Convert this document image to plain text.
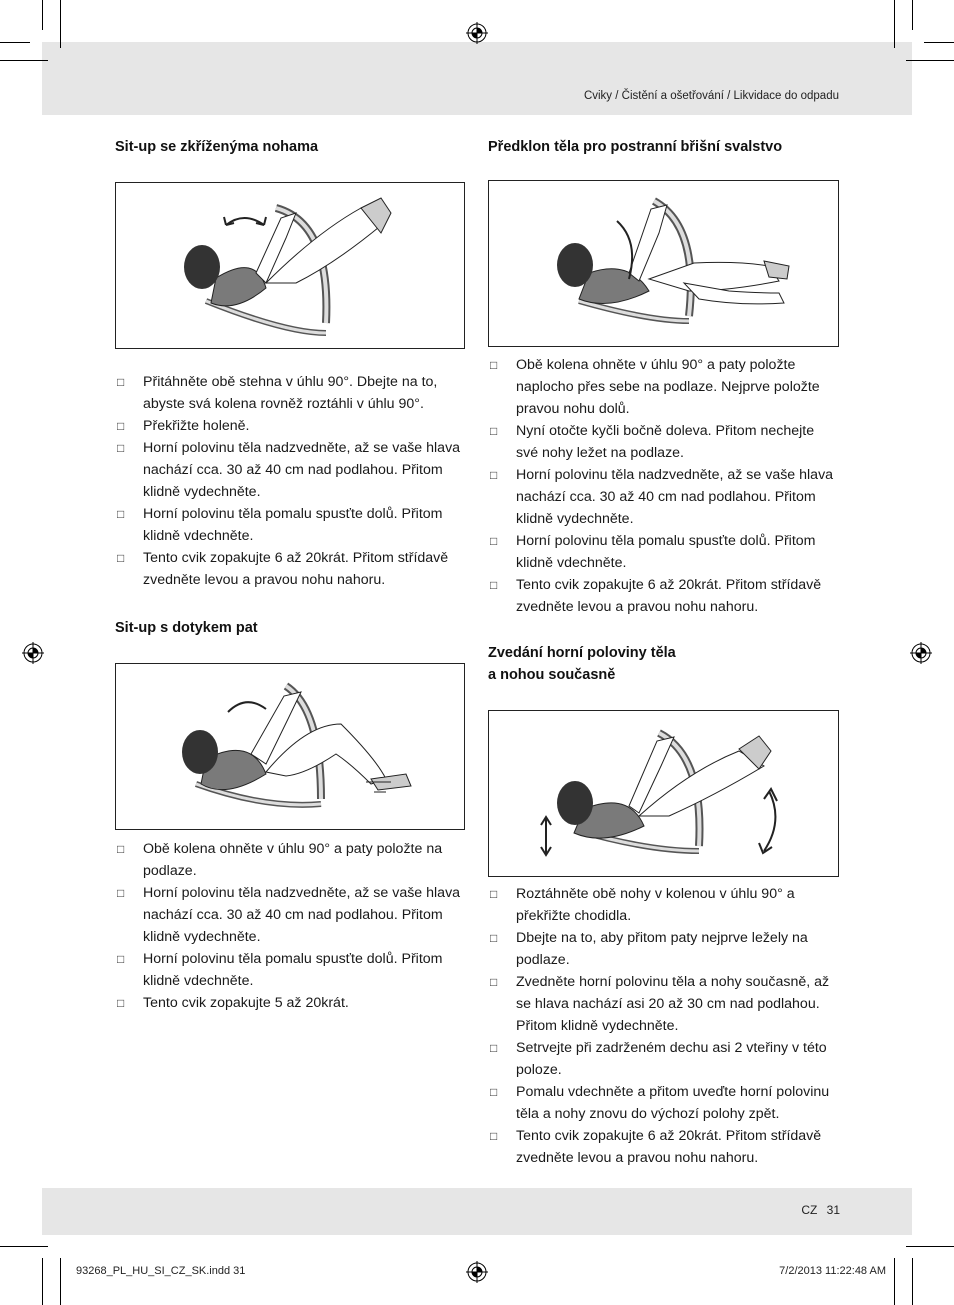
Cviky / Čistění a ošetřování / Likvidace do odpadu
CZ 31
93268_PL_HU_SI_CZ_SK.indd 31	7/2/2013 11:22:48 AM
Sit-up se zkříženýma nohama
□ Přitáhněte obě stehna v úhlu 90°. Dbejte na to, abyste svá kolena rovněž roztáhli v úhlu 90°.
□ Překřižte holeně.
□ Horní polovinu těla nadzvedněte, až se vaše hlava nachází cca. 30 až 40 cm nad podlahou. Přitom klidně vydechněte.
□ Horní polovinu těla pomalu spusťte dolů. Přitom klidně vdechněte.
□ Tento cvik zopakujte 6 až 20krát. Přitom střídavě zvedněte levou a pravou nohu nahoru.
Sit-up s dotykem pat
□ Obě kolena ohněte v úhlu 90° a paty položte na podlaze.
□ Horní polovinu těla nadzvedněte, až se vaše hlava nachází cca. 30 až 40 cm nad podlahou. Přitom klidně vydechněte.
□ Horní polovinu těla pomalu spusťte dolů. Přitom klidně vdechněte.
□ Tento cvik zopakujte 5 až 20krát.
Předklon těla pro postranní břišní svalstvo
□ Obě kolena ohněte v úhlu 90° a paty položte naplocho přes sebe na podlaze. Nejprve položte pravou nohu dolů.
□ Nyní otočte kyčli bočně doleva. Přitom nechejte své nohy ležet na podlaze.
□ Horní polovinu těla nadzvedněte, až se vaše hlava nachází cca. 30 až 40 cm nad podlahou. Přitom klidně vydechněte.
□ Horní polovinu těla pomalu spusťte dolů. Přitom klidně vdechněte.
□ Tento cvik zopakujte 6 až 20krát. Přitom střídavě zvedněte levou a pravou nohu nahoru.
Zvedání horní poloviny těla
a nohou současně
□ Roztáhněte obě nohy v kolenou v úhlu 90° a překřižte chodidla.
□ Dbejte na to, aby přitom paty nejprve ležely na podlaze.
□ Zvedněte horní polovinu těla a nohy současně, až se hlava nachází asi 20 až 30 cm nad podlahou. Přitom klidně vydechněte.
□ Setrvejte při zadrženém dechu asi 2 vteřiny v této poloze.
□ Pomalu vdechněte a přitom uveďte horní polovinu těla a nohy znovu do výchozí polohy zpět.
□ Tento cvik zopakujte 6 až 20krát. Přitom střídavě zvedněte levou a pravou nohu nahoru.
